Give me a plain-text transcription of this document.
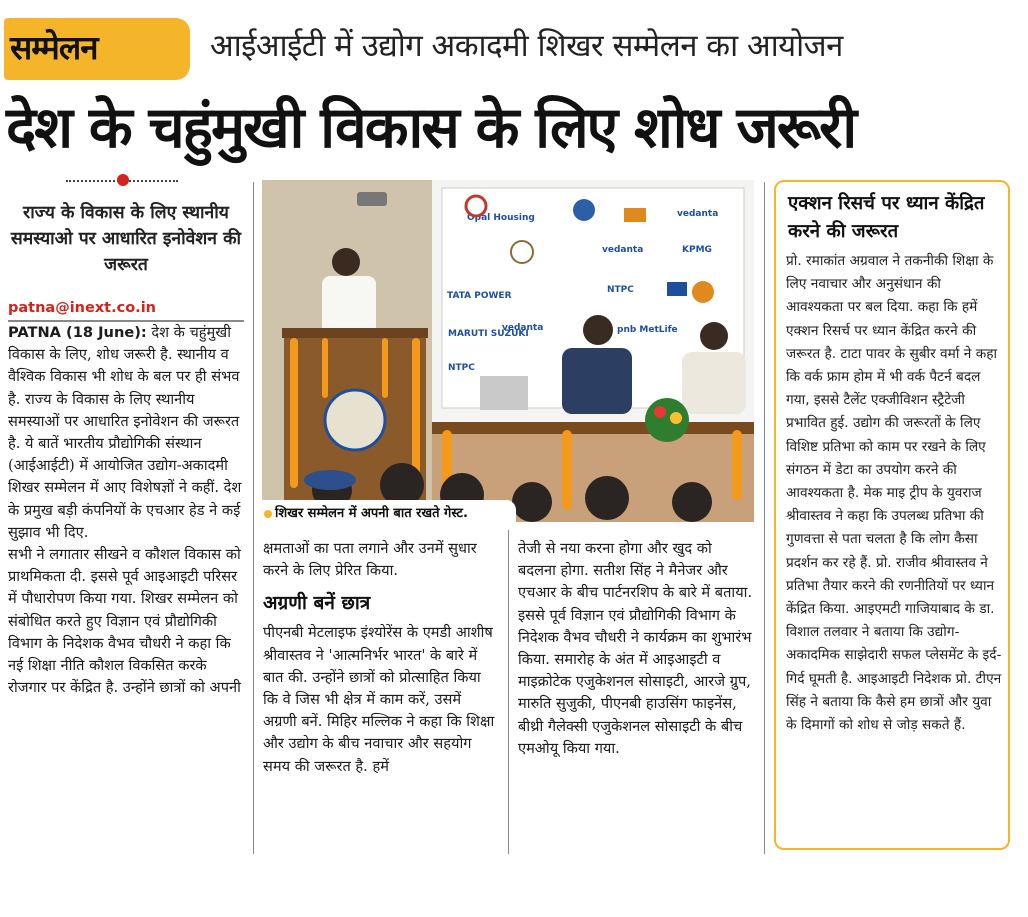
सम्मेलन	आईआईटी में उद्योग अकादमी शिखर सम्मेलन का आयोजन
देश के चहुंमुखी विकास के लिए शोध जरूरी
राज्य के विकास के लिए स्थानीय समस्याओ पर आधारित इनोवेशन की जरूरत
patna@inext.co.in

PATNA (18 June): देश के चहुंमुखी विकास के लिए, शोध जरूरी है. स्थानीय व वैश्विक विकास भी शोध के बल पर ही संभव है. राज्य के विकास के लिए स्थानीय समस्याओं पर आधारित इनोवेशन की जरूरत है. ये बातें भारतीय प्रौद्योगिकी संस्थान (आईआईटी) में आयोजित उद्योग-अकादमी शिखर सम्मेलन में आए विशेषज्ञों ने कहीं. देश के प्रमुख बड़ी कंपनियों के एचआर हेड ने कई सुझाव भी दिए.

सभी ने लगातार सीखने व कौशल विकास को प्राथमिकता दी. इससे पूर्व आइआइटी परिसर में पौधारोपण किया गया. शिखर सम्मेलन को संबोधित करते हुए विज्ञान एवं प्रौद्योगिकी विभाग के निदेशक वैभव चौधरी ने कहा कि नई शिक्षा नीति कौशल विकसित करके रोजगार पर केंद्रित है. उन्होंने छात्रों को अपनी

Opal Housing	vedanta
NTPC
TATA POWER
KPMG
pnb MetLife
MARUTI SUZUKI
vedanta
NTPC
vedanta
शिखर सम्मेलन में अपनी बात रखते गेस्ट.

क्षमताओं का पता लगाने और उनमें सुधार करने के लिए प्रेरित किया.

अग्रणी बनें छात्र

पीएनबी मेटलाइफ इंश्योरेंस के एमडी आशीष श्रीवास्तव ने 'आत्मनिर्भर भारत' के बारे में बात की. उन्होंने छात्रों को प्रोत्साहित किया कि वे जिस भी क्षेत्र में काम करें, उसमें अग्रणी बनें. मिहिर मल्लिक ने कहा कि शिक्षा और उद्योग के बीच नवाचार और सहयोग समय की जरूरत है. हमें

तेजी से नया करना होगा और खुद को बदलना होगा. सतीश सिंह ने मैनेजर और एचआर के बीच पार्टनरशिप के बारे में बताया. इससे पूर्व विज्ञान एवं प्रौद्योगिकी विभाग के निदेशक वैभव चौधरी ने कार्यक्रम का शुभारंभ किया. समारोह के अंत में आइआइटी व माइक्रोटेक एजुकेशनल सोसाइटी, आरजे ग्रुप, मारुति सुजुकी, पीएनबी हाउसिंग फाइनेंस, बीथ्री गैलेक्सी एजुकेशनल सोसाइटी के बीच एमओयू किया गया.

एक्शन रिसर्च पर ध्यान केंद्रित करने की जरूरत
प्रो. रमाकांत अग्रवाल ने तकनीकी शिक्षा के लिए नवाचार और अनुसंधान की आवश्यकता पर बल दिया. कहा कि हमें एक्शन रिसर्च पर ध्यान केंद्रित करने की जरूरत है. टाटा पावर के सुबीर वर्मा ने कहा कि वर्क फ्राम होम में भी वर्क पैटर्न बदल गया, इससे टैलेंट एक्जीविशन स्ट्रैटेजी प्रभावित हुई. उद्योग की जरूरतों के लिए विशिष्ट प्रतिभा को काम पर रखने के लिए संगठन में डेटा का उपयोग करने की आवश्यकता है. मेक माइ ट्रीप के युवराज श्रीवास्तव ने कहा कि उपलब्ध प्रतिभा की गुणवत्ता से पता चलता है कि लोग कैसा प्रदर्शन कर रहे हैं. प्रो. राजीव श्रीवास्तव ने प्रतिभा तैयार करने की रणनीतियों पर ध्यान केंद्रित किया. आइएमटी गाजियाबाद के डा. विशाल तलवार ने बताया कि उद्योग-अकादमिक साझेदारी सफल प्लेसमेंट के इर्द-गिर्द घूमती है. आइआइटी निदेशक प्रो. टीएन सिंह ने बताया कि कैसे हम छात्रों और युवा के दिमागों को शोध से जोड़ सकते हैं.
